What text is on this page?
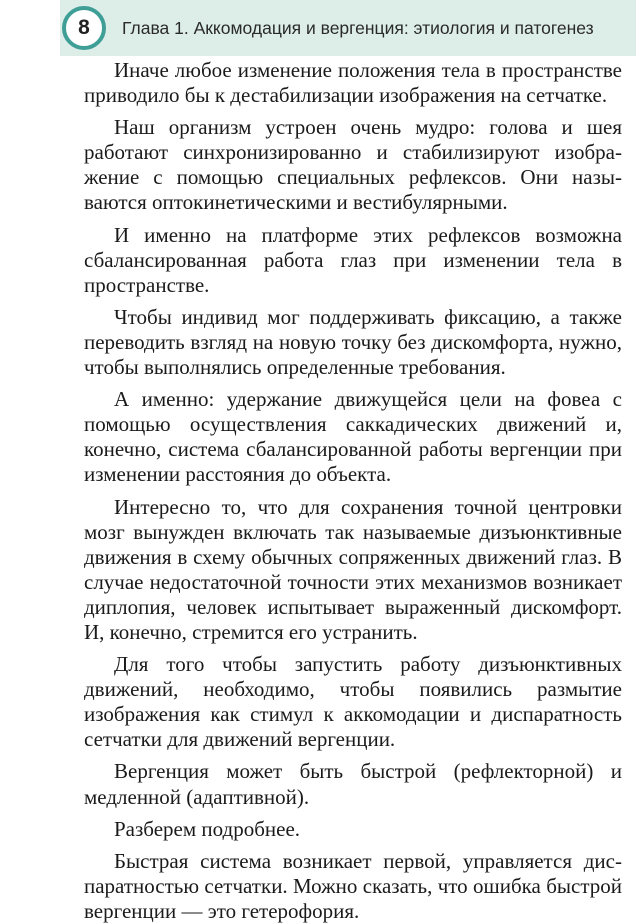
8 Глава 1. Аккомодация и вергенция: этиология и патогенез

Иначе любое изменение положения тела в пространстве приводило бы к дестабилизации изображения на сетчатке.

Наш организм устроен очень мудро: голова и шея работают синхронизированно и стабилизируют изображение с помощью специальных рефлексов. Они называются оптокинетическими и вестибулярными.

И именно на платформе этих рефлексов возможна сбалансированная работа глаз при изменении тела в пространстве.

Чтобы индивид мог поддерживать фиксацию, а также переводить взгляд на новую точку без дискомфорта, нужно, чтобы выполнялись определенные требования.

А именно: удержание движущейся цели на фовеа с помощью осуществления саккадических движений и, конечно, система сбалансированной работы вергенции при изменении расстояния до объекта.

Интересно то, что для сохранения точной центровки мозг вынужден включать так называемые дизъюнктивные движения в схему обычных сопряженных движений глаз. В случае недостаточной точности этих механизмов возникает диплопия, человек испытывает выраженный дискомфорт. И, конечно, стремится его устранить.

Для того чтобы запустить работу дизъюнктивных движений, необходимо, чтобы появились размытие изображения как стимул к аккомодации и диспаратность сетчатки для движений вергенции.

Вергенция может быть быстрой (рефлекторной) и медленной (адаптивной).

Разберем подробнее.

Быстрая система возникает первой, управляется диспаратностью сетчатки. Можно сказать, что ошибка быстрой вергенции — это гетерофория.
